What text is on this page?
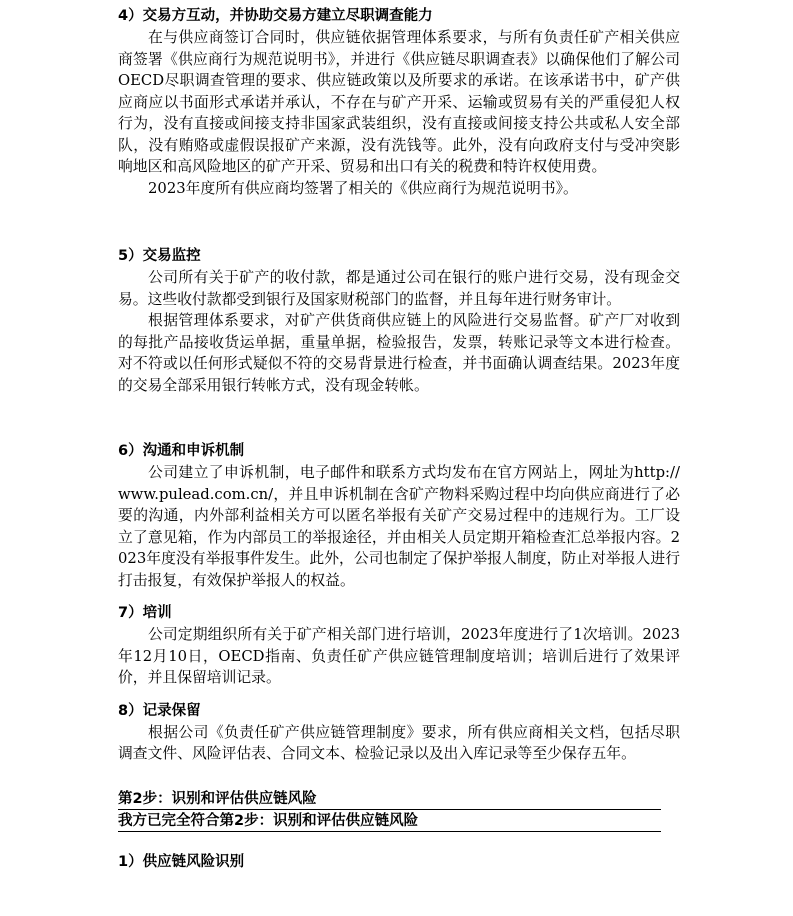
4）交易方互动，并协助交易方建立尽职调查能力

在与供应商签订合同时，供应链依据管理体系要求，与所有负责任矿产相关供应商签署《供应商行为规范说明书》，并进行《供应链尽职调查表》以确保他们了解公司OECD尽职调查管理的要求、供应链政策以及所要求的承诺。在该承诺书中，矿产供应商应以书面形式承诺并承认，不存在与矿产开采、运输或贸易有关的严重侵犯人权行为，没有直接或间接支持非国家武装组织，没有直接或间接支持公共或私人安全部队，没有贿赂或虚假误报矿产来源，没有洗钱等。此外，没有向政府支付与受冲突影响地区和高风险地区的矿产开采、贸易和出口有关的税费和特许权使用费。

2023年度所有供应商均签署了相关的《供应商行为规范说明书》。

5）交易监控

公司所有关于矿产的收付款，都是通过公司在银行的账户进行交易，没有现金交易。这些收付款都受到银行及国家财税部门的监督，并且每年进行财务审计。

根据管理体系要求，对矿产供货商供应链上的风险进行交易监督。矿产厂对收到的每批产品接收货运单据，重量单据，检验报告，发票，转账记录等文本进行检查。对不符或以任何形式疑似不符的交易背景进行检查，并书面确认调查结果。2023年度的交易全部采用银行转帐方式，没有现金转帐。

6）沟通和申诉机制

公司建立了申诉机制，电子邮件和联系方式均发布在官方网站上，网址为http://www.pulead.com.cn/，并且申诉机制在含矿产物料采购过程中均向供应商进行了必要的沟通，内外部利益相关方可以匿名举报有关矿产交易过程中的违规行为。工厂设立了意见箱，作为内部员工的举报途径，并由相关人员定期开箱检查汇总举报内容。2023年度没有举报事件发生。此外，公司也制定了保护举报人制度，防止对举报人进行打击报复，有效保护举报人的权益。

7）培训

公司定期组织所有关于矿产相关部门进行培训，2023年度进行了1次培训。2023年12月10日，OECD指南、负责任矿产供应链管理制度培训；培训后进行了效果评价，并且保留培训记录。

8）记录保留

根据公司《负责任矿产供应链管理制度》要求，所有供应商相关文档，包括尽职调查文件、风险评估表、合同文本、检验记录以及出入库记录等至少保存五年。

第2步：识别和评估供应链风险
我方已完全符合第2步：识别和评估供应链风险
1）供应链风险识别
